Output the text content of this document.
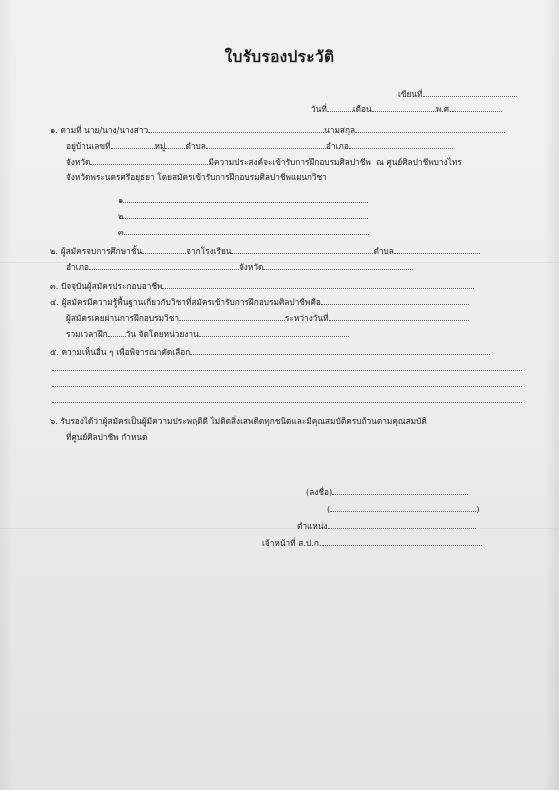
ใบรับรองประวัติ
เขียนที่
วันที่	เดือน	พ.ศ.
๑. ตามที่ นาย/นาง/นางสาว	นามสกุล
อยู่บ้านเลขที่	หมู่ ตำบล	อำเภอ
จังหวัด	มีความประสงค์จะเข้ารับการฝึกอบรมศิลปาชีพ ณ ศูนย์ศิลปาชีพบางไทร
จังหวัดพระนครศรีอยุธยา โดยสมัครเข้ารับการฝึกอบรมศิลปาชีพแผนกวิชา
๑
๒
๓
๒. ผู้สมัครจบการศึกษาชั้น	จากโรงเรียน	ตำบล
อำเภอ	จังหวัด
๓. ปัจจุบันผู้สมัครประกอบอาชีพ
๔. ผู้สมัครมีความรู้พื้นฐานเกี่ยวกับวิชาที่สมัครเข้ารับการฝึกอบรมศิลปาชีพคือ
ผู้สมัครเคยผ่านการฝึกอบรมวิชา	ระหว่างวันที่
รวมเวลาฝึก วัน จัดโดยหน่วยงาน
๕. ความเห็นอื่น ๆ เพื่อพิจารณาคัดเลือก
๖. รับรองได้ว่าผู้สมัครเป็นผู้มีความประพฤติดี ไม่ติดสิ่งเสพติดทุกชนิดและมีคุณสมบัติครบถ้วนตามคุณสมบัติ
ที่ศูนย์ศิลปาชีพ กำหนด
(ลงชื่อ)
(	)
ตำแหน่ง
เจ้าหน้าที่ ส.ป.ก.
